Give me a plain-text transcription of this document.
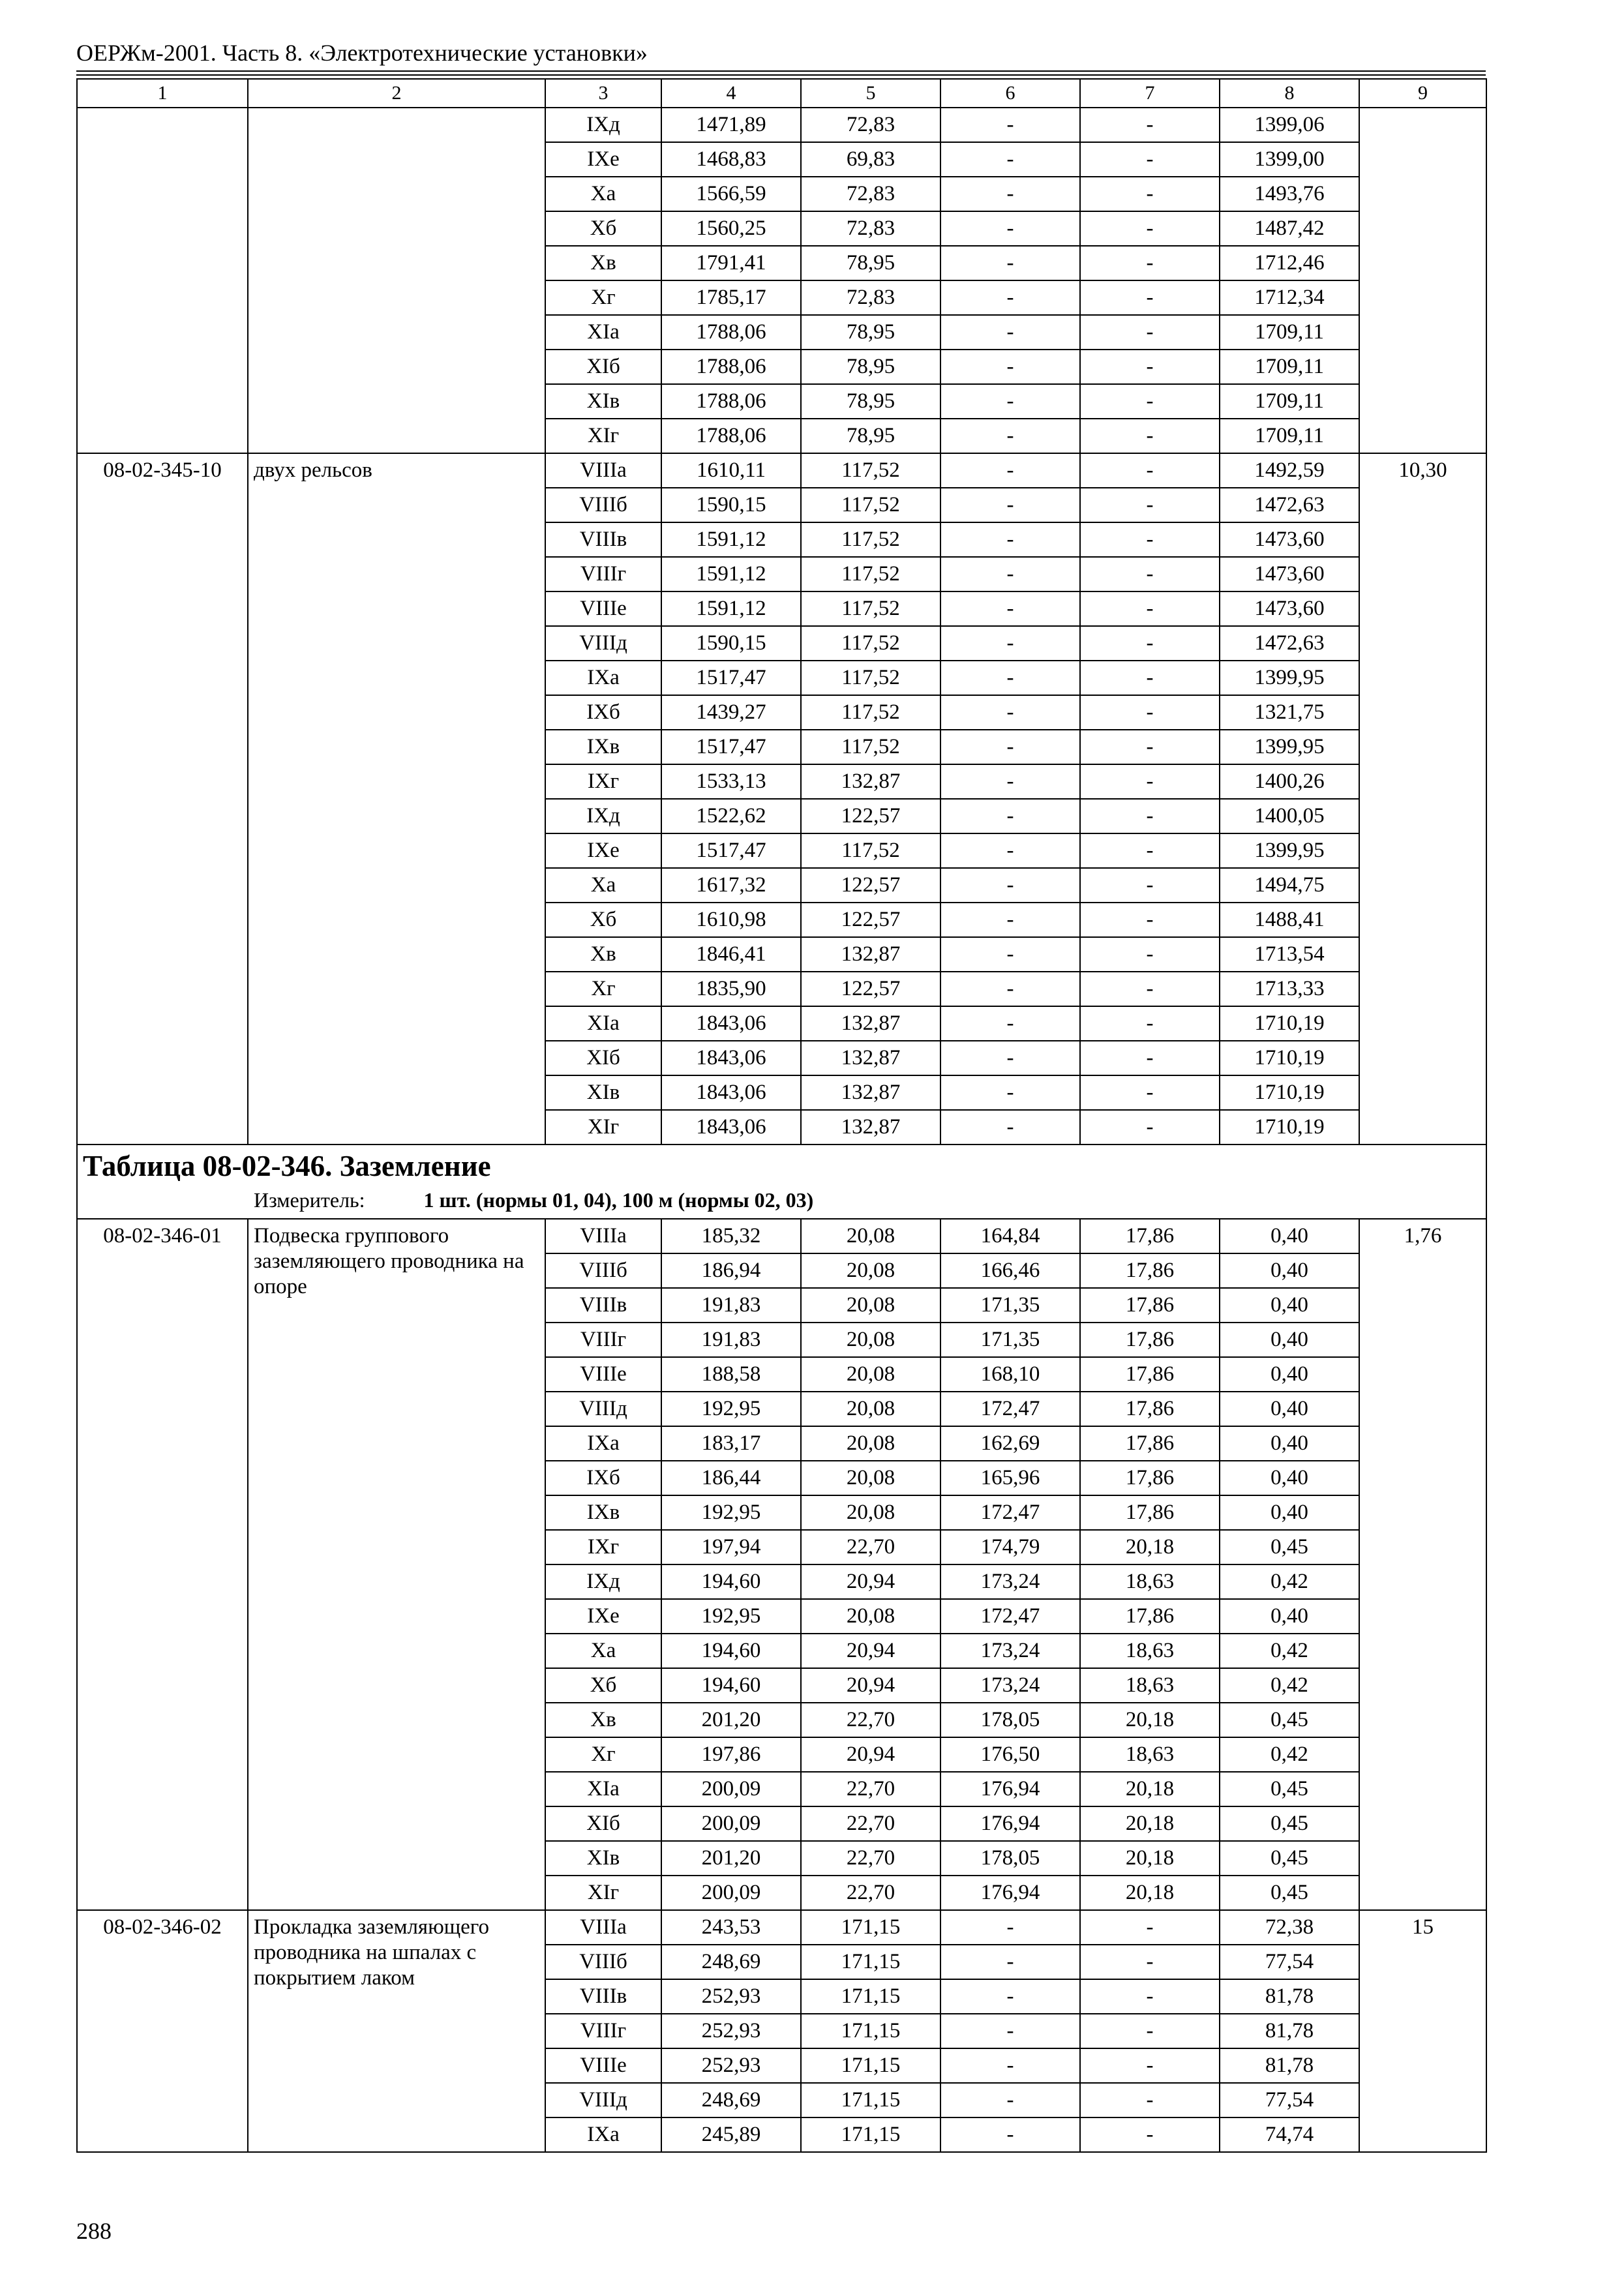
ОЕРЖм-2001. Часть 8. «Электротехнические установки»
1	2	3	4	5	6	7	8	9
		IXд	1471,89	72,83	-	-	1399,06	
		IXе	1468,83	69,83	-	-	1399,00	
		Xа	1566,59	72,83	-	-	1493,76	
		Xб	1560,25	72,83	-	-	1487,42	
		Xв	1791,41	78,95	-	-	1712,46	
		Xг	1785,17	72,83	-	-	1712,34	
		XIа	1788,06	78,95	-	-	1709,11	
		XIб	1788,06	78,95	-	-	1709,11	
		XIв	1788,06	78,95	-	-	1709,11	
		XIг	1788,06	78,95	-	-	1709,11	
08-02-345-10	двух рельсов	VIIIа	1610,11	117,52	-	-	1492,59	10,30
		VIIIб	1590,15	117,52	-	-	1472,63	
		VIIIв	1591,12	117,52	-	-	1473,60	
		VIIIг	1591,12	117,52	-	-	1473,60	
		VIIIе	1591,12	117,52	-	-	1473,60	
		VIIIд	1590,15	117,52	-	-	1472,63	
		IXа	1517,47	117,52	-	-	1399,95	
		IXб	1439,27	117,52	-	-	1321,75	
		IXв	1517,47	117,52	-	-	1399,95	
		IXг	1533,13	132,87	-	-	1400,26	
		IXд	1522,62	122,57	-	-	1400,05	
		IXе	1517,47	117,52	-	-	1399,95	
		Xа	1617,32	122,57	-	-	1494,75	
		Xб	1610,98	122,57	-	-	1488,41	
		Xв	1846,41	132,87	-	-	1713,54	
		Xг	1835,90	122,57	-	-	1713,33	
		XIа	1843,06	132,87	-	-	1710,19	
		XIб	1843,06	132,87	-	-	1710,19	
		XIв	1843,06	132,87	-	-	1710,19	
		XIг	1843,06	132,87	-	-	1710,19	

Таблица 08-02-346. Заземление
Измеритель: 1 шт. (нормы 01, 04), 100 м (нормы 02, 03)								

08-02-346-01	Подвеска группового заземляющего проводника на опоре	VIIIа	185,32	20,08	164,84	17,86	0,40	1,76
		VIIIб	186,94	20,08	166,46	17,86	0,40	
		VIIIв	191,83	20,08	171,35	17,86	0,40	
		VIIIг	191,83	20,08	171,35	17,86	0,40	
		VIIIе	188,58	20,08	168,10	17,86	0,40	
		VIIIд	192,95	20,08	172,47	17,86	0,40	
		IXа	183,17	20,08	162,69	17,86	0,40	
		IXб	186,44	20,08	165,96	17,86	0,40	
		IXв	192,95	20,08	172,47	17,86	0,40	
		IXг	197,94	22,70	174,79	20,18	0,45	
		IXд	194,60	20,94	173,24	18,63	0,42	
		IXе	192,95	20,08	172,47	17,86	0,40	
		Xа	194,60	20,94	173,24	18,63	0,42	
		Xб	194,60	20,94	173,24	18,63	0,42	
		Xв	201,20	22,70	178,05	20,18	0,45	
		Xг	197,86	20,94	176,50	18,63	0,42	
		XIа	200,09	22,70	176,94	20,18	0,45	
		XIб	200,09	22,70	176,94	20,18	0,45	
		XIв	201,20	22,70	178,05	20,18	0,45	
		XIг	200,09	22,70	176,94	20,18	0,45	
08-02-346-02	Прокладка заземляющего проводника на шпалах с покрытием лаком	VIIIа	243,53	171,15	-	-	72,38	15
		VIIIб	248,69	171,15	-	-	77,54	
		VIIIв	252,93	171,15	-	-	81,78	
		VIIIг	252,93	171,15	-	-	81,78	
		VIIIе	252,93	171,15	-	-	81,78	
		VIIIд	248,69	171,15	-	-	77,54	
		IXа	245,89	171,15	-	-	74,74	
288
